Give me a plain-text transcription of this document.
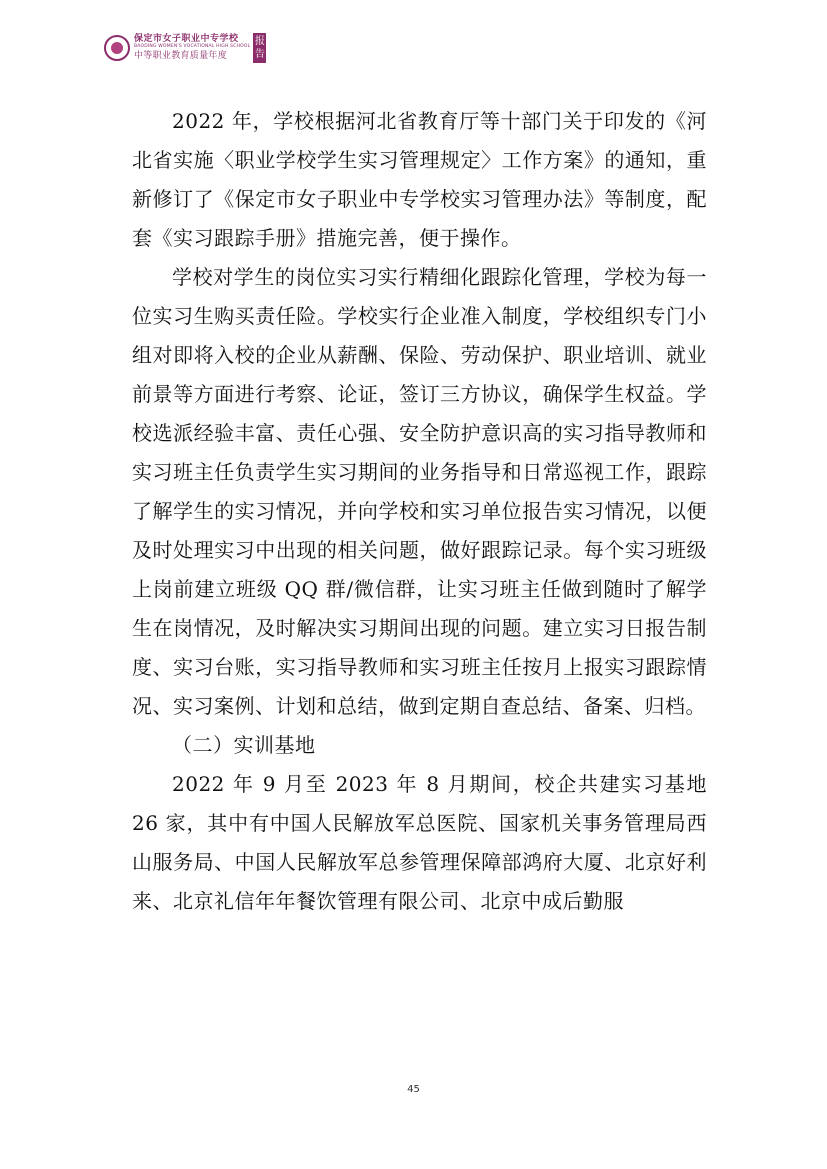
保定市女子职业中专学校
BAODING WOMEN'S VOCATIONAL HIGH SCHOOL
中等职业教育质量年度
报
告

2022 年，学校根据河北省教育厅等十部门关于印发的《河北省实施〈职业学校学生实习管理规定〉工作方案》的通知，重新修订了《保定市女子职业中专学校实习管理办法》等制度，配套《实习跟踪手册》措施完善，便于操作。

学校对学生的岗位实习实行精细化跟踪化管理，学校为每一位实习生购买责任险。学校实行企业准入制度，学校组织专门小组对即将入校的企业从薪酬、保险、劳动保护、职业培训、就业前景等方面进行考察、论证，签订三方协议，确保学生权益。学校选派经验丰富、责任心强、安全防护意识高的实习指导教师和实习班主任负责学生实习期间的业务指导和日常巡视工作，跟踪了解学生的实习情况，并向学校和实习单位报告实习情况，以便及时处理实习中出现的相关问题，做好跟踪记录。每个实习班级上岗前建立班级 QQ 群/微信群，让实习班主任做到随时了解学生在岗情况，及时解决实习期间出现的问题。建立实习日报告制度、实习台账，实习指导教师和实习班主任按月上报实习跟踪情况、实习案例、计划和总结，做到定期自查总结、备案、归档。

（二）实训基地

2022 年 9 月至 2023 年 8 月期间，校企共建实习基地 26 家，其中有中国人民解放军总医院、国家机关事务管理局西山服务局、中国人民解放军总参管理保障部鸿府大厦、北京好利来、北京礼信年年餐饮管理有限公司、北京中成后勤服

45
